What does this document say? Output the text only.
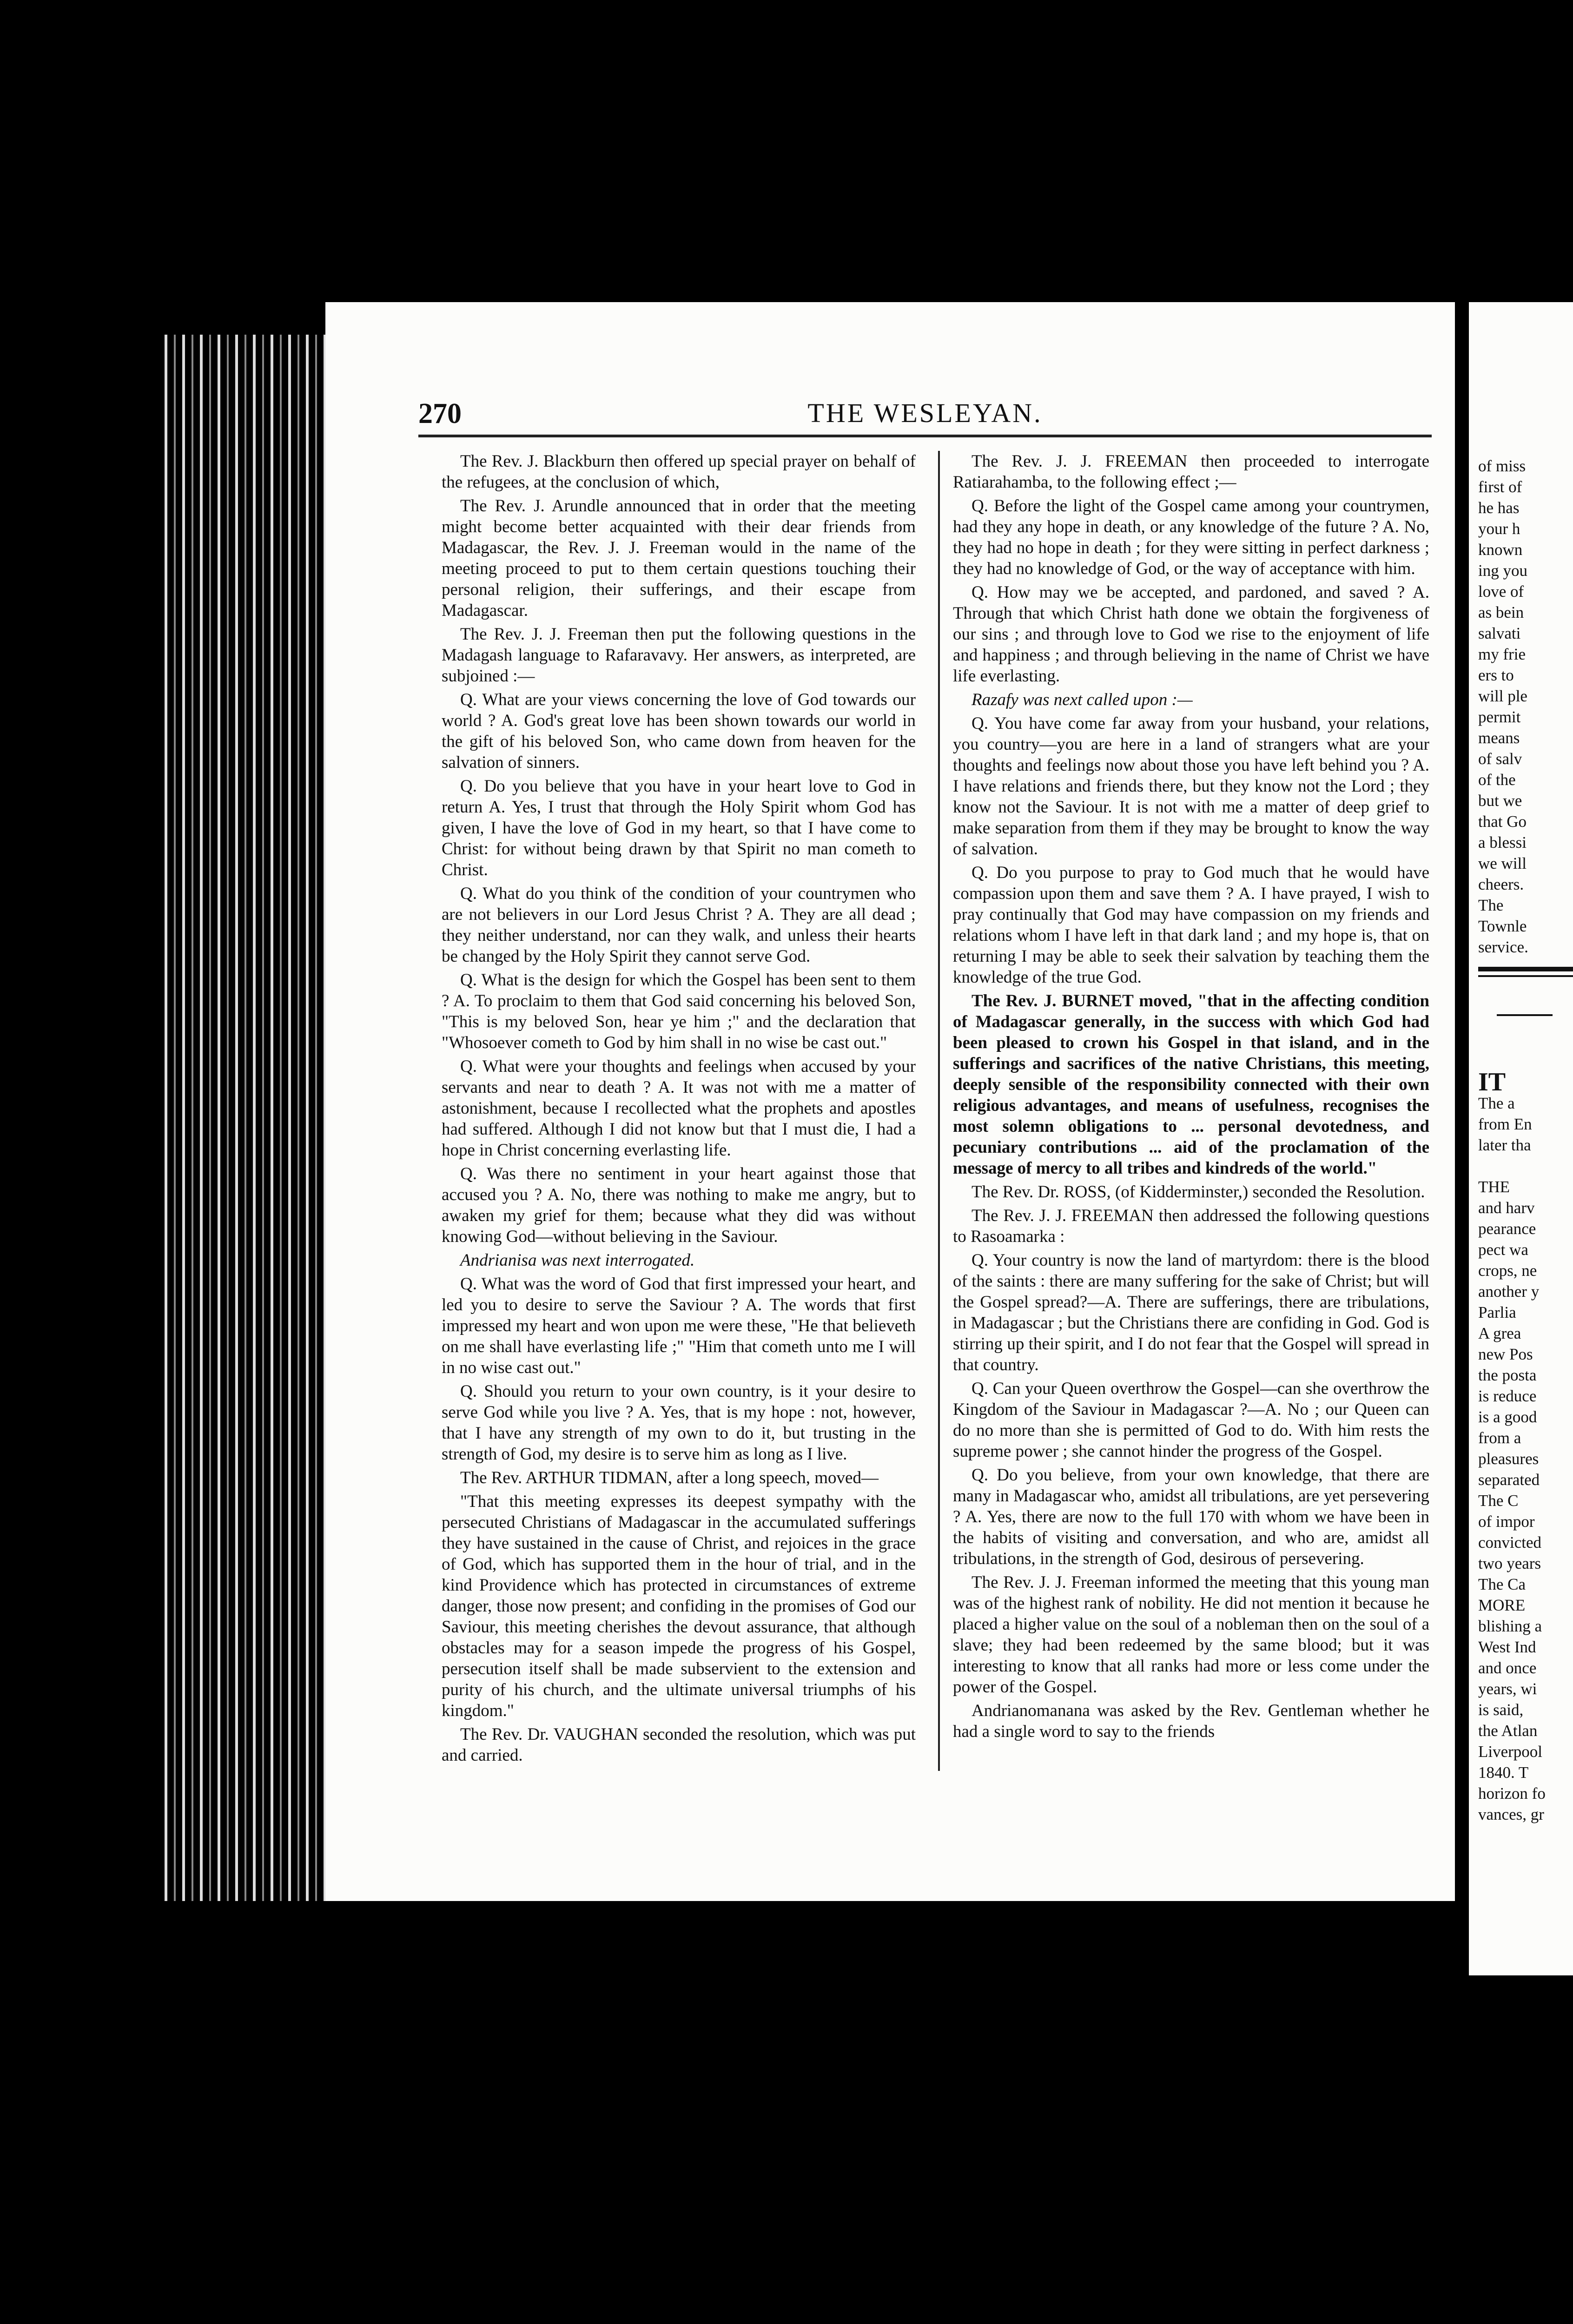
270	THE WESLEYAN.

The Rev. J. Blackburn then offered up special prayer on behalf of the refugees, at the conclusion of which,

The Rev. J. Arundle announced that in order that the meeting might become better acquainted with their dear friends from Madagascar, the Rev. J. J. Freeman would in the name of the meeting proceed to put to them certain questions touching their personal religion, their sufferings, and their escape from Madagascar.

The Rev. J. J. Freeman then put the following questions in the Madagash language to Rafaravavy. Her answers, as interpreted, are subjoined :—

Q. What are your views concerning the love of God towards our world ? A. God's great love has been shown towards our world in the gift of his beloved Son, who came down from heaven for the salvation of sinners.

Q. Do you believe that you have in your heart love to God in return A. Yes, I trust that through the Holy Spirit whom God has given, I have the love of God in my heart, so that I have come to Christ: for without being drawn by that Spirit no man cometh to Christ.

Q. What do you think of the condition of your countrymen who are not believers in our Lord Jesus Christ ? A. They are all dead ; they neither understand, nor can they walk, and unless their hearts be changed by the Holy Spirit they cannot serve God.

Q. What is the design for which the Gospel has been sent to them ? A. To proclaim to them that God said concerning his beloved Son, "This is my beloved Son, hear ye him ;" and the declaration that "Whosoever cometh to God by him shall in no wise be cast out."

Q. What were your thoughts and feelings when accused by your servants and near to death ? A. It was not with me a matter of astonishment, because I recollected what the prophets and apostles had suffered. Although I did not know but that I must die, I had a hope in Christ concerning everlasting life.

Q. Was there no sentiment in your heart against those that accused you ? A. No, there was nothing to make me angry, but to awaken my grief for them; because what they did was without knowing God—without believing in the Saviour.

Andrianisa was next interrogated.

Q. What was the word of God that first impressed your heart, and led you to desire to serve the Saviour ? A. The words that first impressed my heart and won upon me were these, "He that believeth on me shall have everlasting life ;" "Him that cometh unto me I will in no wise cast out."

Q. Should you return to your own country, is it your desire to serve God while you live ? A. Yes, that is my hope : not, however, that I have any strength of my own to do it, but trusting in the strength of God, my desire is to serve him as long as I live.

The Rev. ARTHUR TIDMAN, after a long speech, moved—

"That this meeting expresses its deepest sympathy with the persecuted Christians of Madagascar in the accumulated sufferings they have sustained in the cause of Christ, and rejoices in the grace of God, which has supported them in the hour of trial, and in the kind Providence which has protected in circumstances of extreme danger, those now present; and confiding in the promises of God our Saviour, this meeting cherishes the devout assurance, that although obstacles may for a season impede the progress of his Gospel, persecution itself shall be made subservient to the extension and purity of his church, and the ultimate universal triumphs of his kingdom."

The Rev. Dr. VAUGHAN seconded the resolution, which was put and carried.

The Rev. J. J. FREEMAN then proceeded to interrogate Ratiarahamba, to the following effect ;—

Q. Before the light of the Gospel came among your countrymen, had they any hope in death, or any knowledge of the future ? A. No, they had no hope in death ; for they were sitting in perfect darkness ; they had no knowledge of God, or the way of acceptance with him.

Q. How may we be accepted, and pardoned, and saved ? A. Through that which Christ hath done we obtain the forgiveness of our sins ; and through love to God we rise to the enjoyment of life and happiness ; and through believing in the name of Christ we have life everlasting.

Razafy was next called upon :—

Q. You have come far away from your husband, your relations, you country—you are here in a land of strangers what are your thoughts and feelings now about those you have left behind you ? A. I have relations and friends there, but they know not the Lord ; they know not the Saviour. It is not with me a matter of deep grief to make separation from them if they may be brought to know the way of salvation.

Q. Do you purpose to pray to God much that he would have compassion upon them and save them ? A. I have prayed, I wish to pray continually that God may have compassion on my friends and relations whom I have left in that dark land ; and my hope is, that on returning I may be able to seek their salvation by teaching them the knowledge of the true God.

The Rev. J. BURNET moved, "that in the affecting condition of Madagascar generally, in the success with which God had been pleased to crown his Gospel in that island, and in the sufferings and sacrifices of the native Christians, this meeting, deeply sensible of the responsibility connected with their own religious advantages, and means of usefulness, recognises the most solemn obligations to ... personal devotedness, and pecuniary contributions ... aid of the proclamation of the message of mercy to all tribes and kindreds of the world."

The Rev. Dr. ROSS, (of Kidderminster,) seconded the Resolution.

The Rev. J. J. FREEMAN then addressed the following questions to Rasoamarka :

Q. Your country is now the land of martyrdom: there is the blood of the saints : there are many suffering for the sake of Christ; but will the Gospel spread?—A. There are sufferings, there are tribulations, in Madagascar ; but the Christians there are confiding in God. God is stirring up their spirit, and I do not fear that the Gospel will spread in that country.

Q. Can your Queen overthrow the Gospel—can she overthrow the Kingdom of the Saviour in Madagascar ?—A. No ; our Queen can do no more than she is permitted of God to do. With him rests the supreme power ; she cannot hinder the progress of the Gospel.

Q. Do you believe, from your own knowledge, that there are many in Madagascar who, amidst all tribulations, are yet persevering ? A. Yes, there are now to the full 170 with whom we have been in the habits of visiting and conversation, and who are, amidst all tribulations, in the strength of God, desirous of persevering.

The Rev. J. J. Freeman informed the meeting that this young man was of the highest rank of nobility. He did not mention it because he placed a higher value on the soul of a nobleman then on the soul of a slave; they had been redeemed by the same blood; but it was interesting to know that all ranks had more or less come under the power of the Gospel.

Andrianomanana was asked by the Rev. Gentleman whether he had a single word to say to the friends

of miss
first of
he has
your h
known
ing you
love of
as bein
salvati
my frie
ers to
will ple
permit
means
of salv
of the
but we
that Go
a blessi
we will
cheers.
The
Townle
service.
IT
The a
from En
later tha

THE
and harv
pearance
pect wa
crops, ne
another y
Parlia
A grea
new Pos
the posta
is reduce
is a good
from a
pleasures
separated
The C
of impor
convicted
two years
The Ca
MORE
blishing a
West Ind
and once
years, wi
is said,
the Atlan
Liverpool
1840. T
horizon fo
vances, gr
